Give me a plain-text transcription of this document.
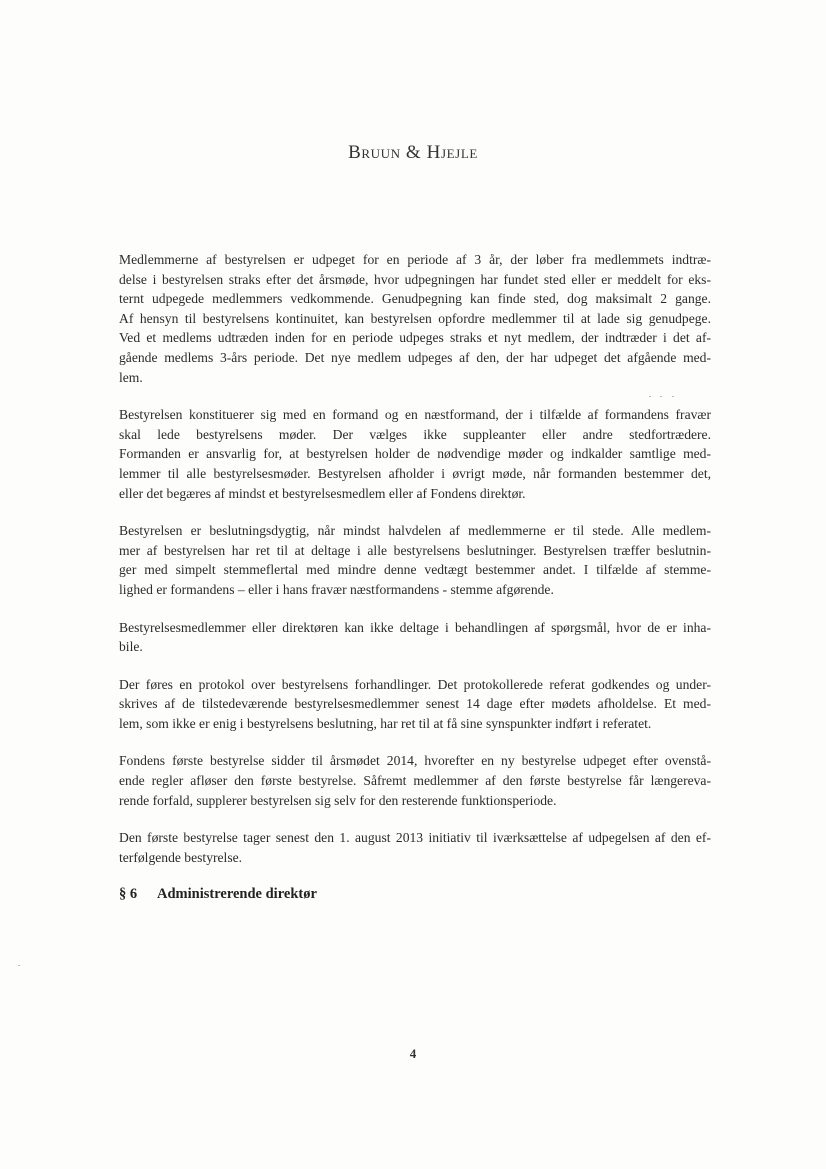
Bruun & Hjejle
Medlemmerne af bestyrelsen er udpeget for en periode af 3 år, der løber fra medlemmets indtræ-
delse i bestyrelsen straks efter det årsmøde, hvor udpegningen har fundet sted eller er meddelt for eks-
ternt udpegede medlemmers vedkommende. Genudpegning kan finde sted, dog maksimalt 2 gange.
Af hensyn til bestyrelsens kontinuitet, kan bestyrelsen opfordre medlemmer til at lade sig genudpege.
Ved et medlems udtræden inden for en periode udpeges straks et nyt medlem, der indtræder i det af-
gående medlems 3-års periode. Det nye medlem udpeges af den, der har udpeget det afgående med-
lem.
Bestyrelsen konstituerer sig med en formand og en næstformand, der i tilfælde af formandens fravær
skal lede bestyrelsens møder. Der vælges ikke suppleanter eller andre stedfortrædere.
Formanden er ansvarlig for, at bestyrelsen holder de nødvendige møder og indkalder samtlige med-
lemmer til alle bestyrelsesmøder. Bestyrelsen afholder i øvrigt møde, når formanden bestemmer det,
eller det begæres af mindst et bestyrelsesmedlem eller af Fondens direktør.
Bestyrelsen er beslutningsdygtig, når mindst halvdelen af medlemmerne er til stede. Alle medlem-
mer af bestyrelsen har ret til at deltage i alle bestyrelsens beslutninger. Bestyrelsen træffer beslutnin-
ger med simpelt stemmeflertal med mindre denne vedtægt bestemmer andet. I tilfælde af stemme-
lighed er formandens – eller i hans fravær næstformandens - stemme afgørende.
Bestyrelsesmedlemmer eller direktøren kan ikke deltage i behandlingen af spørgsmål, hvor de er inha-
bile.
Der føres en protokol over bestyrelsens forhandlinger. Det protokollerede referat godkendes og under-
skrives af de tilstedeværende bestyrelsesmedlemmer senest 14 dage efter mødets afholdelse. Et med-
lem, som ikke er enig i bestyrelsens beslutning, har ret til at få sine synspunkter indført i referatet.
Fondens første bestyrelse sidder til årsmødet 2014, hvorefter en ny bestyrelse udpeget efter ovenstå-
ende regler afløser den første bestyrelse. Såfremt medlemmer af den første bestyrelse får længereva-
rende forfald, supplerer bestyrelsen sig selv for den resterende funktionsperiode.
Den første bestyrelse tager senest den 1. august 2013 initiativ til iværksættelse af udpegelsen af den ef-
terfølgende bestyrelse.
§ 6 Administrerende direktør
4
